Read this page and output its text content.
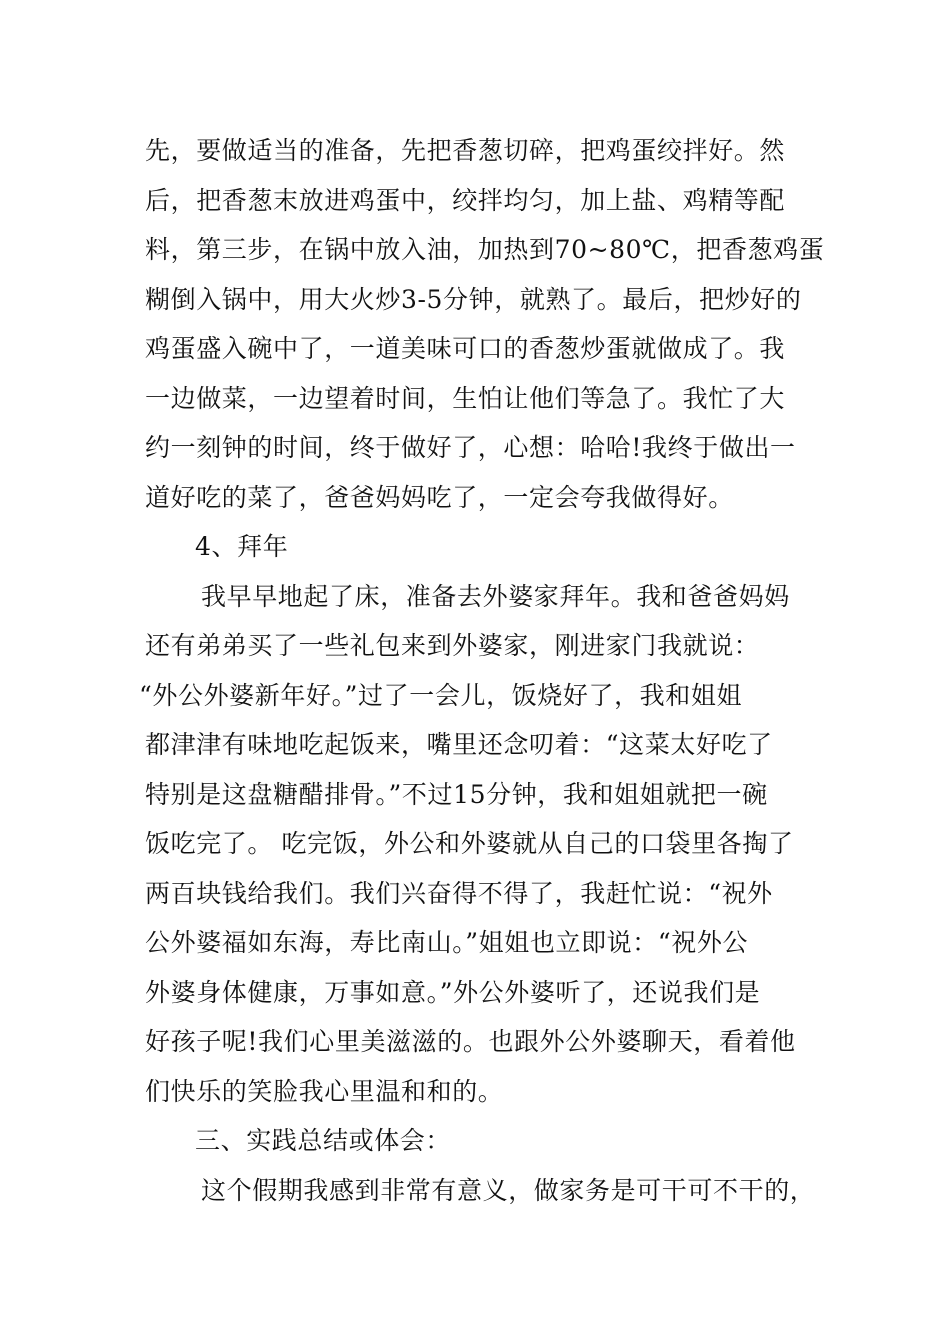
先，要做适当的准备，先把香葱切碎，把鸡蛋绞拌好。然
后，把香葱末放进鸡蛋中，绞拌均匀，加上盐、鸡精等配
料，第三步，在锅中放入油，加热到70~80℃，把香葱鸡蛋
糊倒入锅中，用大火炒3-5分钟，就熟了。最后，把炒好的
鸡蛋盛入碗中了，一道美味可口的香葱炒蛋就做成了。我
一边做菜，一边望着时间，生怕让他们等急了。我忙了大
约一刻钟的时间，终于做好了，心想：哈哈!我终于做出一
道好吃的菜了，爸爸妈妈吃了，一定会夸我做得好。
4、拜年
我早早地起了床，准备去外婆家拜年。我和爸爸妈妈
还有弟弟买了一些礼包来到外婆家，刚进家门我就说：
“外公外婆新年好。”过了一会儿，饭烧好了，我和姐姐
都津津有味地吃起饭来，嘴里还念叨着：“这菜太好吃了
特别是这盘糖醋排骨。”不过15分钟，我和姐姐就把一碗
饭吃完了。 吃完饭，外公和外婆就从自己的口袋里各掏了
两百块钱给我们。我们兴奋得不得了，我赶忙说：“祝外
公外婆福如东海，寿比南山。”姐姐也立即说：“祝外公
外婆身体健康，万事如意。”外公外婆听了，还说我们是
好孩子呢!我们心里美滋滋的。也跟外公外婆聊天，看着他
们快乐的笑脸我心里温和和的。
三、实践总结或体会：
这个假期我感到非常有意义，做家务是可干可不干的，
